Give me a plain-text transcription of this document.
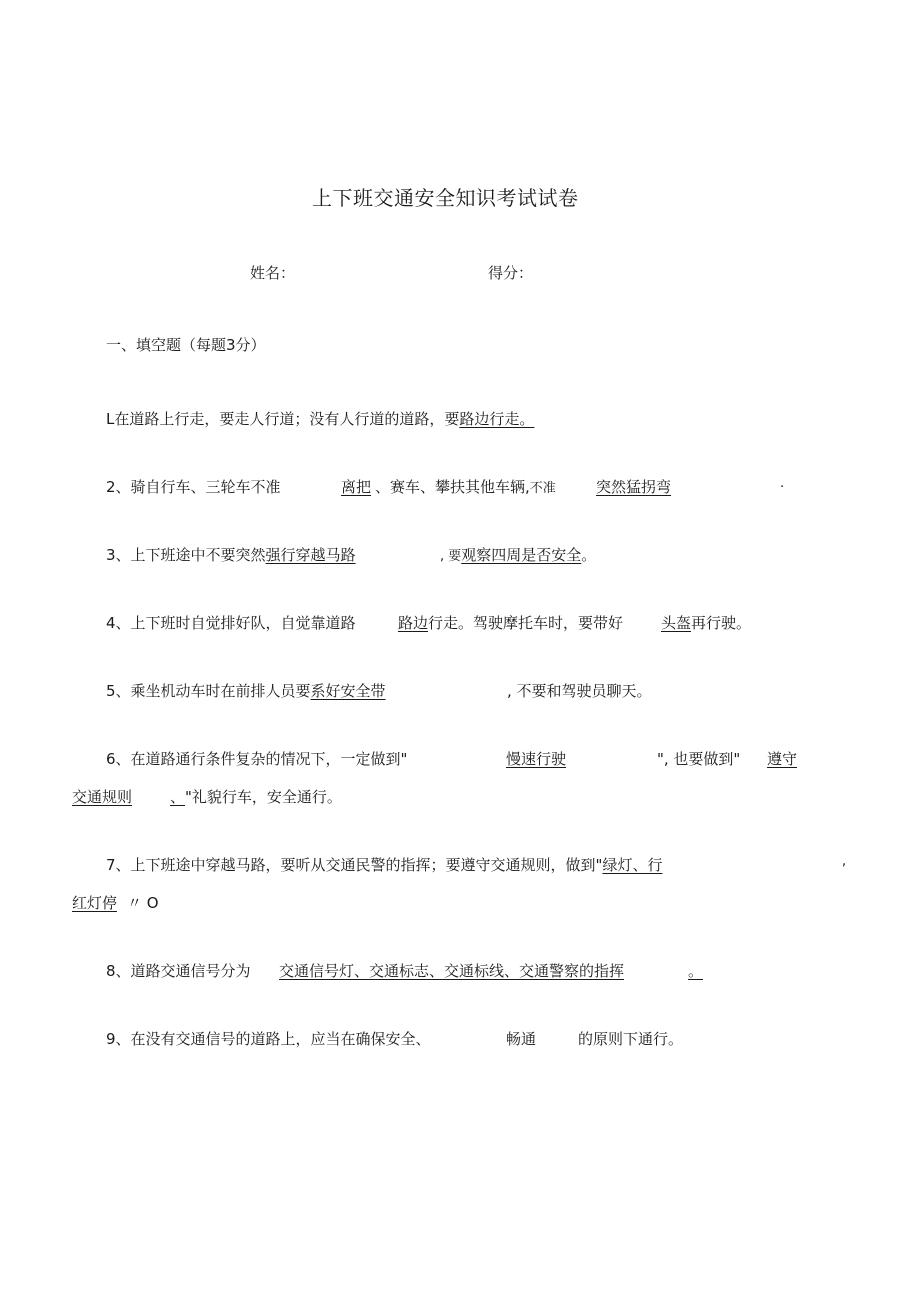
上下班交通安全知识考试试卷
姓名：	得分：
一、填空题（每题3分）
L在道路上行走，要走人行道；没有人行道的道路，要路边行走。
2、骑自行车、三轮车不准	离把 、赛车、攀扶其他车辆,不准	突然猛拐弯	.
3、上下班途中不要突然强行穿越马路	, 要观察四周是否安全。
4、上下班时自觉排好队，自觉靠道路	路边行走。驾驶摩托车时，要带好	头盔再行驶。
5、乘坐机动车时在前排人员要系好安全带	, 不要和驾驶员聊天。
6、在道路通行条件复杂的情况下，一定做到"	慢速行驶	", 也要做到" 遵守
交通规则	、"礼貌行车，安全通行。
7、上下班途中穿越马路，要听从交通民警的指挥；要遵守交通规则，做到"绿灯、行	,
红灯停 〃 O
8、道路交通信号分为 交通信号灯、交通标志、交通标线、交通警察的指挥	。
9、在没有交通信号的道路上，应当在确保安全、	畅通	的原则下通行。
